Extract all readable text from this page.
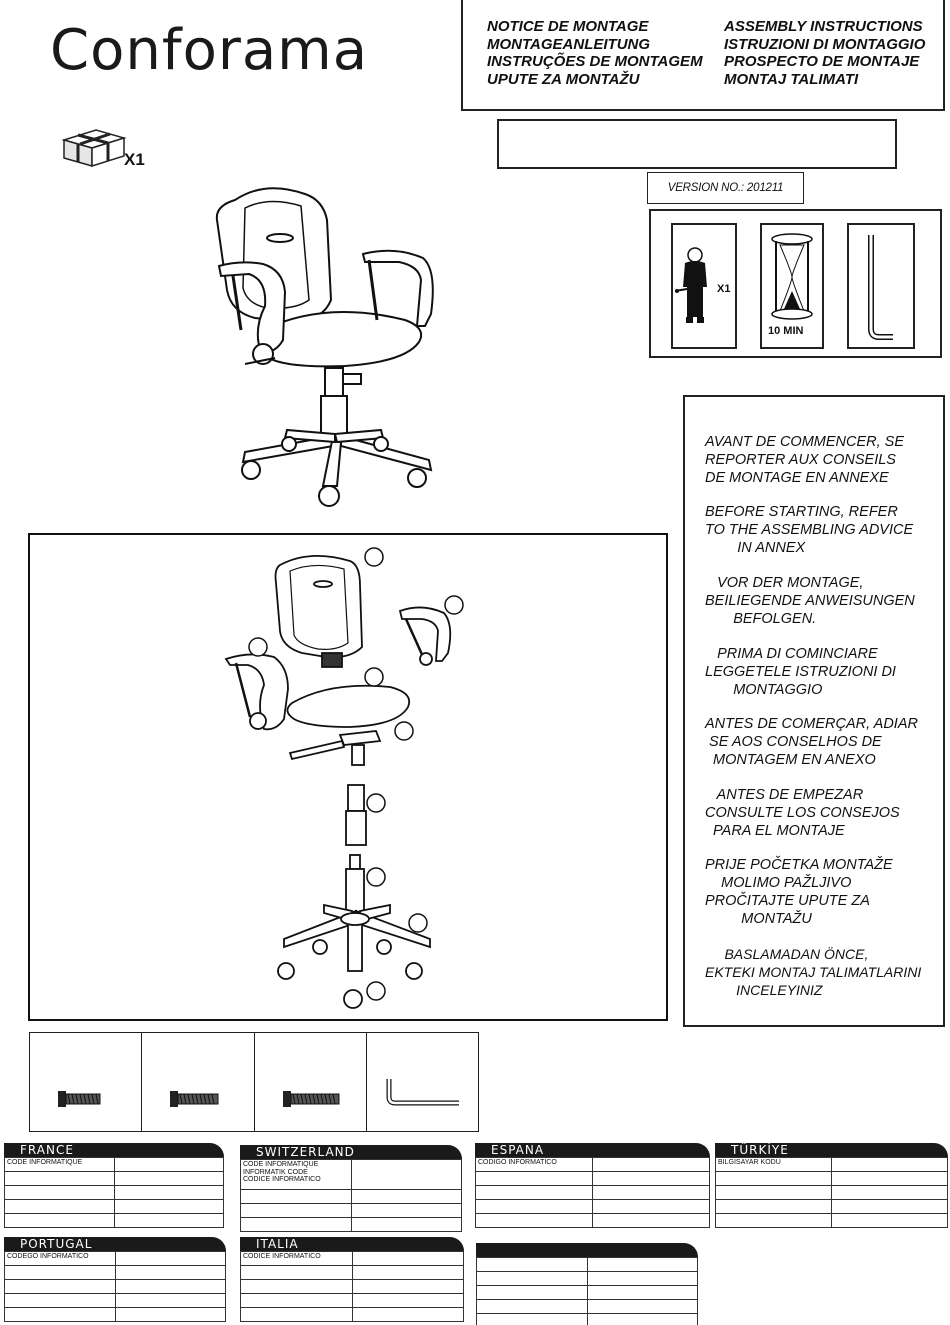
Conforama	NOTICE DE MONTAGE
MONTAGEANLEITUNG
INSTRUÇÕES DE MONTAGEM
UPUTE ZA MONTAŽU
ASSEMBLY INSTRUCTIONS
ISTRUZIONI DI MONTAGGIO
PROSPECTO DE MONTAJE
MONTAJ TALIMATI
X1
VERSION NO.: 201211
X1
10 MIN
AVANT DE COMMENCER, SE
REPORTER AUX CONSEILS
DE MONTAGE EN ANNEXE
BEFORE STARTING, REFER
TO THE ASSEMBLING ADVICE
IN ANNEX
VOR DER MONTAGE,
BEILIEGENDE ANWEISUNGEN
BEFOLGEN.
PRIMA DI COMINCIARE
LEGGETELE ISTRUZIONI DI
MONTAGGIO
ANTES DE COMERÇAR, ADIAR
SE AOS CONSELHOS DE
MONTAGEM EN ANEXO
ANTES DE EMPEZAR
CONSULTE LOS CONSEJOS
PARA EL MONTAJE
PRIJE POČETKA MONTAŽE
MOLIMO PAŽLJIVO
PROČITAJTE UPUTE ZA
MONTAŽU
BASLAMADAN ÖNCE,
EKTEKI MONTAJ TALIMATLARINI
INCELEYINIZ
FRANCE
CODE INFORMATIQUE	

SWITZERLAND
CODE INFORMATIQUE
INFORMATIK CODE
CODICE INFORMATICO	

ESPANA
CODIGO INFORMATICO	

TÜRKİYE
BILGISAYAR KODU	

PORTUGAL
CODEGO INFORMATICO	

ITALIA
CODICE INFORMATICO	
